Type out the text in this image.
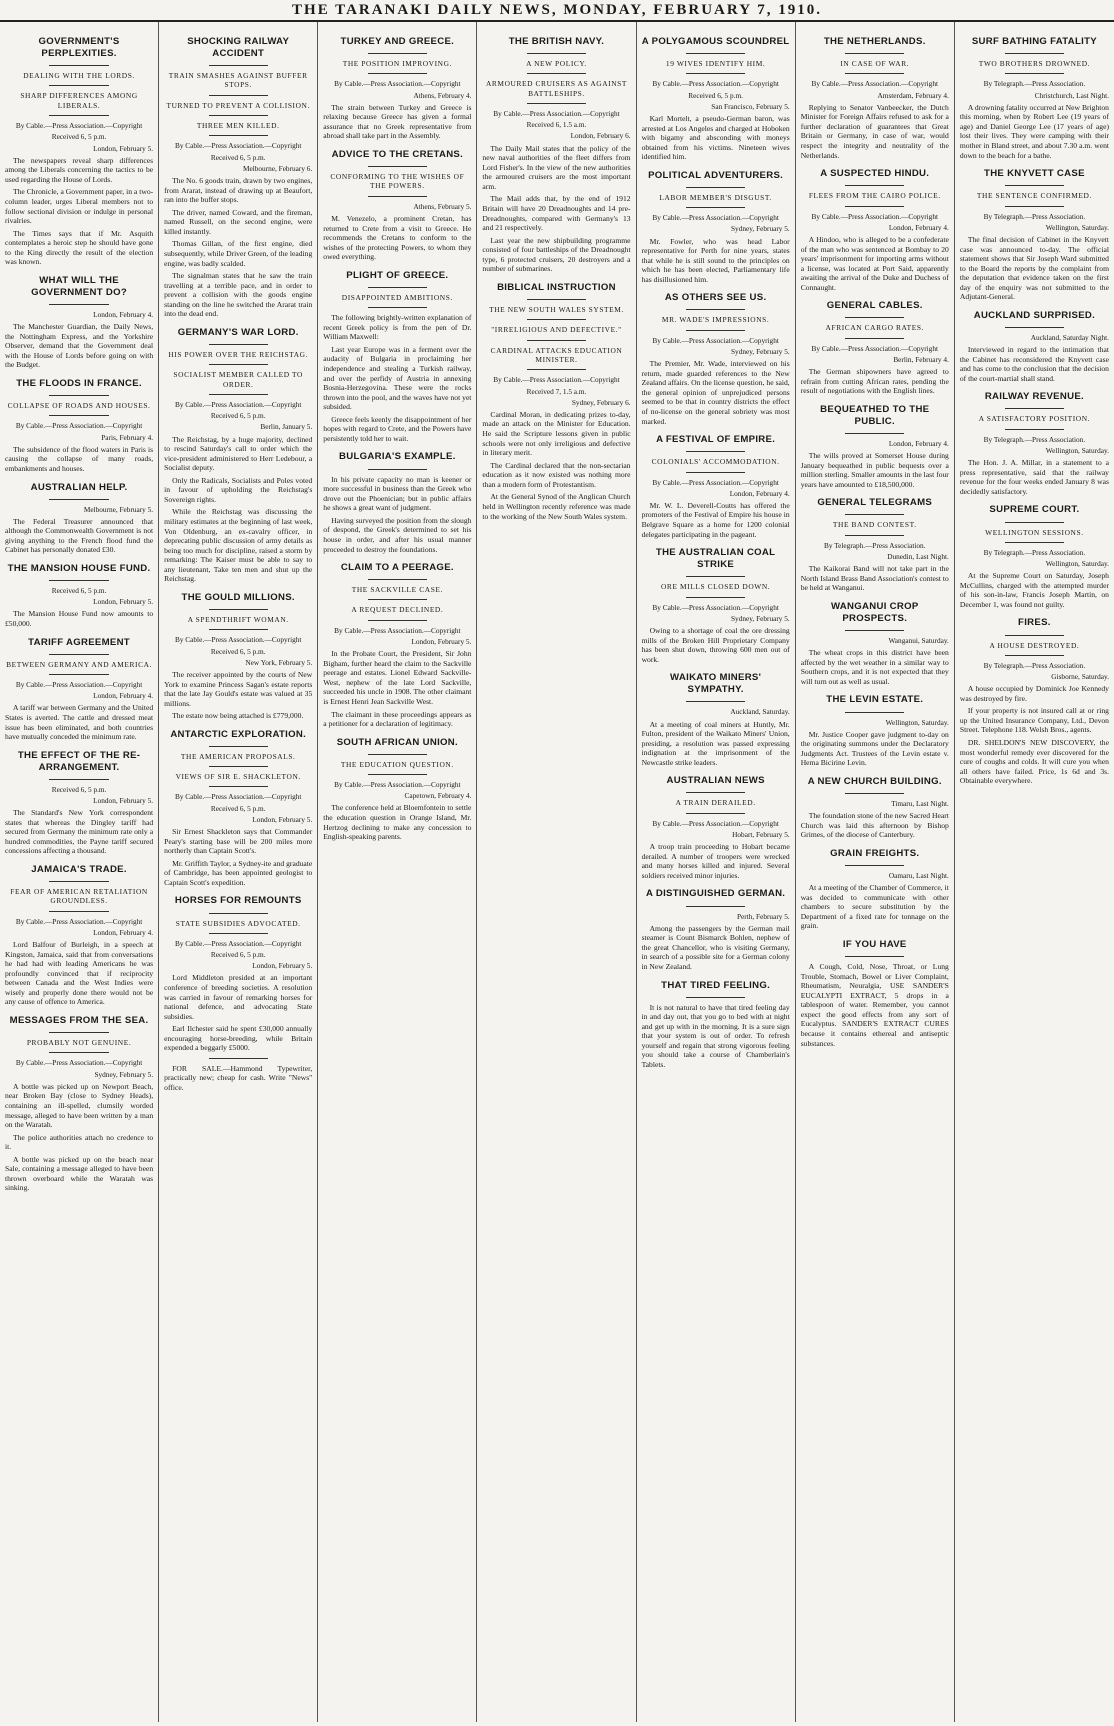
THE TARANAKI DAILY NEWS, MONDAY, FEBRUARY 7, 1910.
GOVERNMENT'S PERPLEXITIES.
DEALING WITH THE LORDS.
SHARP DIFFERENCES AMONG LIBERALS.
By Cable.—Press Association.—Copyright
Received 6, 5 p.m.
London, February 5.

The newspapers reveal sharp differences among the Liberals concerning the tactics to be used regarding the House of Lords.

The Chronicle, a Government paper, in a two-column leader, urges Liberal members not to follow sectional division or indulge in personal rivalries.

The Times says that if Mr. Asquith contemplates a heroic step he should have gone to the King directly the result of the election was known.

WHAT WILL THE GOVERNMENT DO?
London, February 4.

The Manchester Guardian, the Daily News, the Nottingham Express, and the Yorkshire Observer, demand that the Government deal with the House of Lords before going on with the Budget.

THE FLOODS IN FRANCE.
COLLAPSE OF ROADS AND HOUSES.
By Cable.—Press Association.—Copyright
Paris, February 4.

The subsidence of the flood waters in Paris is causing the collapse of many roads, embankments and houses.

AUSTRALIAN HELP.
Melbourne, February 5.

The Federal Treasurer announced that although the Commonwealth Government is not giving anything to the French flood fund the Cabinet has personally donated £30.

THE MANSION HOUSE FUND.
Received 6, 5 p.m.
London, February 5.

The Mansion House Fund now amounts to £50,000.

TARIFF AGREEMENT
BETWEEN GERMANY AND AMERICA.
By Cable.—Press Association.—Copyright
London, February 4.

A tariff war between Germany and the United States is averted. The cattle and dressed meat issue has been eliminated, and both countries have mutually conceded the minimum rate.

THE EFFECT OF THE RE-ARRANGEMENT.
Received 6, 5 p.m.
London, February 5.

The Standard's New York correspondent states that whereas the Dingley tariff had secured from Germany the minimum rate only a hundred commodities, the Payne tariff secured concessions affecting a thousand.

JAMAICA'S TRADE.
FEAR OF AMERICAN RETALIATION GROUNDLESS.
By Cable.—Press Association.—Copyright
London, February 4.

Lord Balfour of Burleigh, in a speech at Kingston, Jamaica, said that from conversations he had had with leading Americans he was profoundly convinced that if reciprocity between Canada and the West Indies were wisely and properly done there would not be any cause of offence to America.

MESSAGES FROM THE SEA.
PROBABLY NOT GENUINE.
By Cable.—Press Association.—Copyright
Sydney, February 5.

A bottle was picked up on Newport Beach, near Broken Bay (close to Sydney Heads), containing an ill-spelled, clumsily worded message, alleged to have been written by a man on the Waratah.

The police authorities attach no credence to it.

A bottle was picked up on the beach near Sale, containing a message alleged to have been thrown overboard while the Waratah was sinking.

SHOCKING RAILWAY ACCIDENT
TRAIN SMASHES AGAINST BUFFER STOPS.
TURNED TO PREVENT A COLLISION.
THREE MEN KILLED.
By Cable.—Press Association.—Copyright
Received 6, 5 p.m.
Melbourne, February 6.

The No. 6 goods train, drawn by two engines, from Ararat, instead of drawing up at Beaufort, ran into the buffer stops.

The driver, named Coward, and the fireman, named Russell, on the second engine, were killed instantly.

Thomas Gillan, of the first engine, died subsequently, while Driver Green, of the leading engine, was badly scalded.

The signalman states that he saw the train travelling at a terrible pace, and in order to prevent a collision with the goods engine standing on the line he switched the Ararat train into the dead end.

GERMANY'S WAR LORD.
HIS POWER OVER THE REICHSTAG.
SOCIALIST MEMBER CALLED TO ORDER.
By Cable.—Press Association.—Copyright
Received 6, 5 p.m.
Berlin, January 5.

The Reichstag, by a huge majority, declined to rescind Saturday's call to order which the vice-president administered to Herr Ledebour, a Socialist deputy.

Only the Radicals, Socialists and Poles voted in favour of upholding the Reichstag's Sovereign rights.

While the Reichstag was discussing the military estimates at the beginning of last week, Von Oldenburg, an ex-cavalry officer, in deprecating public discussion of army details as being too much for discipline, raised a storm by remarking: The Kaiser must be able to say to any lieutenant, Take ten men and shut up the Reichstag.

THE GOULD MILLIONS.
A SPENDTHRIFT WOMAN.
By Cable.—Press Association.—Copyright
Received 6, 5 p.m.
New York, February 5.

The receiver appointed by the courts of New York to examine Princess Sagan's estate reports that the late Jay Gould's estate was valued at 35 millions.

The estate now being attached is £779,000.

ANTARCTIC EXPLORATION.
THE AMERICAN PROPOSALS.
VIEWS OF SIR E. SHACKLETON.
By Cable.—Press Association.—Copyright
Received 6, 5 p.m.
London, February 5.

Sir Ernest Shackleton says that Commander Peary's starting base will be 200 miles more northerly than Captain Scott's.

Mr. Griffith Taylor, a Sydney-ite and graduate of Cambridge, has been appointed geologist to Captain Scott's expedition.

HORSES FOR REMOUNTS
STATE SUBSIDIES ADVOCATED.
By Cable.—Press Association.—Copyright
Received 6, 5 p.m.
London, February 5.

Lord Middleton presided at an important conference of breeding societies. A resolution was carried in favour of remarking horses for national defence, and advocating State subsidies.

Earl Ilchester said he spent £30,000 annually encouraging horse-breeding, while Britain expended a beggarly £5000.

FOR SALE.—Hammond Typewriter, practically new; cheap for cash. Write "News" office.

TURKEY AND GREECE.
THE POSITION IMPROVING.
By Cable.—Press Association.—Copyright
Athens, February 4.

The strain between Turkey and Greece is relaxing because Greece has given a formal assurance that no Greek representative from abroad shall take part in the Assembly.

ADVICE TO THE CRETANS.
CONFORMING TO THE WISHES OF THE POWERS.
Athens, February 5.

M. Venezelo, a prominent Cretan, has returned to Crete from a visit to Greece. He recommends the Cretans to conform to the wishes of the protecting Powers, to whom they owed everything.

PLIGHT OF GREECE.
DISAPPOINTED AMBITIONS.

The following brightly-written explanation of recent Greek policy is from the pen of Dr. William Maxwell:

Last year Europe was in a ferment over the audacity of Bulgaria in proclaiming her independence and stealing a Turkish railway, and over the perfidy of Austria in annexing Bosnia-Herzegovina. These were the rocks thrown into the pool, and the waves have not yet subsided.

Greece feels keenly the disappointment of her hopes with regard to Crete, and the Powers have persistently told her to wait.

BULGARIA'S EXAMPLE.

In his private capacity no man is keener or more successful in business than the Greek who drove out the Phoenician; but in public affairs he shows a great want of judgment.

Having surveyed the position from the slough of despond, the Greek's determined to set his house in order, and after his usual manner proceeded to destroy the foundations.

CLAIM TO A PEERAGE.
THE SACKVILLE CASE.
A REQUEST DECLINED.
By Cable.—Press Association.—Copyright
London, February 5.

In the Probate Court, the President, Sir John Bigham, further heard the claim to the Sackville peerage and estates. Lionel Edward Sackville-West, nephew of the late Lord Sackville, succeeded his uncle in 1908. The other claimant is Ernest Henri Jean Sackville West.

The claimant in these proceedings appears as a petitioner for a declaration of legitimacy.

SOUTH AFRICAN UNION.
THE EDUCATION QUESTION.
By Cable.—Press Association.—Copyright
Capetown, February 4.

The conference held at Bloemfontein to settle the education question in Orange Island, Mr. Hertzog declining to make any concession to English-speaking parents.

THE BRITISH NAVY.
A NEW POLICY.
ARMOURED CRUISERS AS AGAINST BATTLESHIPS.
By Cable.—Press Association.—Copyright
Received 6, 1.5 a.m.
London, February 6.

The Daily Mail states that the policy of the new naval authorities of the fleet differs from Lord Fisher's. In the view of the new authorities the armoured cruisers are the most important arm.

The Mail adds that, by the end of 1912 Britain will have 20 Dreadnoughts and 14 pre-Dreadnoughts, compared with Germany's 13 and 21 respectively.

Last year the new shipbuilding programme consisted of four battleships of the Dreadnought type, 6 protected cruisers, 20 destroyers and a number of submarines.

BIBLICAL INSTRUCTION
THE NEW SOUTH WALES SYSTEM.
"IRRELIGIOUS AND DEFECTIVE."
CARDINAL ATTACKS EDUCATION MINISTER.
By Cable.—Press Association.—Copyright
Received 7, 1.5 a.m.
Sydney, February 6.

Cardinal Moran, in dedicating prizes to-day, made an attack on the Minister for Education. He said the Scripture lessons given in public schools were not only irreligious and defective in literary merit.

The Cardinal declared that the non-sectarian education as it now existed was nothing more than a modern form of Protestantism.

At the General Synod of the Anglican Church held in Wellington recently reference was made to the working of the New South Wales system.

A POLYGAMOUS SCOUNDREL
19 WIVES IDENTIFY HIM.
By Cable.—Press Association.—Copyright
Received 6, 5 p.m.
San Francisco, February 5.

Karl Mortelt, a pseudo-German baron, was arrested at Los Angeles and charged at Hoboken with bigamy and absconding with moneys obtained from his victims. Nineteen wives identified him.

POLITICAL ADVENTURERS.
LABOR MEMBER'S DISGUST.
By Cable.—Press Association.—Copyright
Sydney, February 5.

Mr. Fowler, who was head Labor representative for Perth for nine years, states that while he is still sound to the principles on which he has been elected, Parliamentary life has disillusioned him.

AS OTHERS SEE US.
MR. WADE'S IMPRESSIONS.
By Cable.—Press Association.—Copyright
Sydney, February 5.

The Premier, Mr. Wade, interviewed on his return, made guarded references to the New Zealand affairs. On the license question, he said, the general opinion of unprejudiced persons seemed to be that in country districts the effect of no-license on the general sobriety was most marked.

A FESTIVAL OF EMPIRE.
COLONIALS' ACCOMMODATION.
By Cable.—Press Association.—Copyright
London, February 4.

Mr. W. L. Deverell-Coutts has offered the promoters of the Festival of Empire his house in Belgrave Square as a home for 1200 colonial delegates participating in the pageant.

THE AUSTRALIAN COAL STRIKE
ORE MILLS CLOSED DOWN.
By Cable.—Press Association.—Copyright
Sydney, February 5.

Owing to a shortage of coal the ore dressing mills of the Broken Hill Proprietary Company has been shut down, throwing 600 men out of work.

WAIKATO MINERS' SYMPATHY.
Auckland, Saturday.

At a meeting of coal miners at Huntly, Mr. Fulton, president of the Waikato Miners' Union, presiding, a resolution was passed expressing indignation at the imprisonment of the Newcastle strike leaders.

AUSTRALIAN NEWS
A TRAIN DERAILED.
By Cable.—Press Association.—Copyright
Hobart, February 5.

A troop train proceeding to Hobart became derailed. A number of troopers were wrecked and many horses killed and injured. Several soldiers received minor injuries.

A DISTINGUISHED GERMAN.
Perth, February 5.

Among the passengers by the German mail steamer is Count Bismarck Bohlen, nephew of the great Chancellor, who is visiting Germany, in search of a possible site for a German colony in New Zealand.

THAT TIRED FEELING.

It is not natural to have that tired feeling day in and day out, that you go to bed with at night and get up with in the morning. It is a sure sign that your system is out of order. To refresh yourself and regain that strong vigorous feeling you should take a course of Chamberlain's Tablets.

THE NETHERLANDS.
IN CASE OF WAR.
By Cable.—Press Association.—Copyright
Amsterdam, February 4.

Replying to Senator Vanbeecker, the Dutch Minister for Foreign Affairs refused to ask for a further declaration of guarantees that Great Britain or Germany, in case of war, would respect the integrity and neutrality of the Netherlands.

A SUSPECTED HINDU.
FLEES FROM THE CAIRO POLICE.
By Cable.—Press Association.—Copyright
London, February 4.

A Hindoo, who is alleged to be a confederate of the man who was sentenced at Bombay to 20 years' imprisonment for importing arms without a license, was located at Port Said, apparently awaiting the arrival of the Duke and Duchess of Connaught.

GENERAL CABLES.
AFRICAN CARGO RATES.
By Cable.—Press Association.—Copyright
Berlin, February 4.

The German shipowners have agreed to refrain from cutting African rates, pending the result of negotiations with the English lines.

BEQUEATHED TO THE PUBLIC.
London, February 4.

The wills proved at Somerset House during January bequeathed in public bequests over a million sterling. Smaller amounts in the last four years have amounted to £18,500,000.

GENERAL TELEGRAMS
THE BAND CONTEST.
By Telegraph.—Press Association.
Dunedin, Last Night.

The Kaikorai Band will not take part in the North Island Brass Band Association's contest to be held at Wanganui.

WANGANUI CROP PROSPECTS.
Wanganui, Saturday.

The wheat crops in this district have been affected by the wet weather in a similar way to Southern crops, and it is not expected that they will turn out as well as usual.

THE LEVIN ESTATE.
Wellington, Saturday.

Mr. Justice Cooper gave judgment to-day on the originating summons under the Declaratory Judgments Act. Trustees of the Levin estate v. Hema Bicirine Levin.

A NEW CHURCH BUILDING.
Timaru, Last Night.

The foundation stone of the new Sacred Heart Church was laid this afternoon by Bishop Grimes, of the diocese of Canterbury.

GRAIN FREIGHTS.
Oamaru, Last Night.

At a meeting of the Chamber of Commerce, it was decided to communicate with other chambers to secure substitution by the Department of a fixed rate for tonnage on the grain.

IF YOU HAVE

A Cough, Cold, Nose, Throat, or Lung Trouble, Stomach, Bowel or Liver Complaint, Rheumatism, Neuralgia, USE SANDER'S EUCALYPTI EXTRACT, 5 drops in a tablespoon of water. Remember, you cannot expect the good effects from any sort of Eucalyptus. SANDER'S EXTRACT CURES because it contains ethereal and antiseptic substances.

SURF BATHING FATALITY
TWO BROTHERS DROWNED.
By Telegraph.—Press Association.
Christchurch, Last Night.

A drowning fatality occurred at New Brighton this morning, when by Robert Lee (19 years of age) and Daniel George Lee (17 years of age) lost their lives. They were camping with their mother in Bland street, and about 7.30 a.m. went down to the beach for a bathe.

THE KNYVETT CASE
THE SENTENCE CONFIRMED.
By Telegraph.—Press Association.
Wellington, Saturday.

The final decision of Cabinet in the Knyvett case was announced to-day. The official statement shows that Sir Joseph Ward submitted to the Board the reports by the complaint from the deputation that evidence taken on the first day of the enquiry was not submitted to the Adjutant-General.

AUCKLAND SURPRISED.
Auckland, Saturday Night.

Interviewed in regard to the intimation that the Cabinet has reconsidered the Knyvett case and has come to the conclusion that the decision of the court-martial shall stand.

RAILWAY REVENUE.
A SATISFACTORY POSITION.
By Telegraph.—Press Association.
Wellington, Saturday.

The Hon. J. A. Millar, in a statement to a press representative, said that the railway revenue for the four weeks ended January 8 was decidedly satisfactory.

SUPREME COURT.
WELLINGTON SESSIONS.
By Telegraph.—Press Association.
Wellington, Saturday.

At the Supreme Court on Saturday, Joseph McCullins, charged with the attempted murder of his son-in-law, Francis Joseph Martin, on December 1, was found not guilty.

FIRES.
A HOUSE DESTROYED.
By Telegraph.—Press Association.
Gisborne, Saturday.

A house occupied by Dominick Joe Kennedy was destroyed by fire.

If your property is not insured call at or ring up the United Insurance Company, Ltd., Devon Street. Telephone 118. Welsh Bros., agents.

DR. SHELDON'S NEW DISCOVERY, the most wonderful remedy ever discovered for the cure of coughs and colds. It will cure you when all others have failed. Price, 1s 6d and 3s. Obtainable everywhere.
